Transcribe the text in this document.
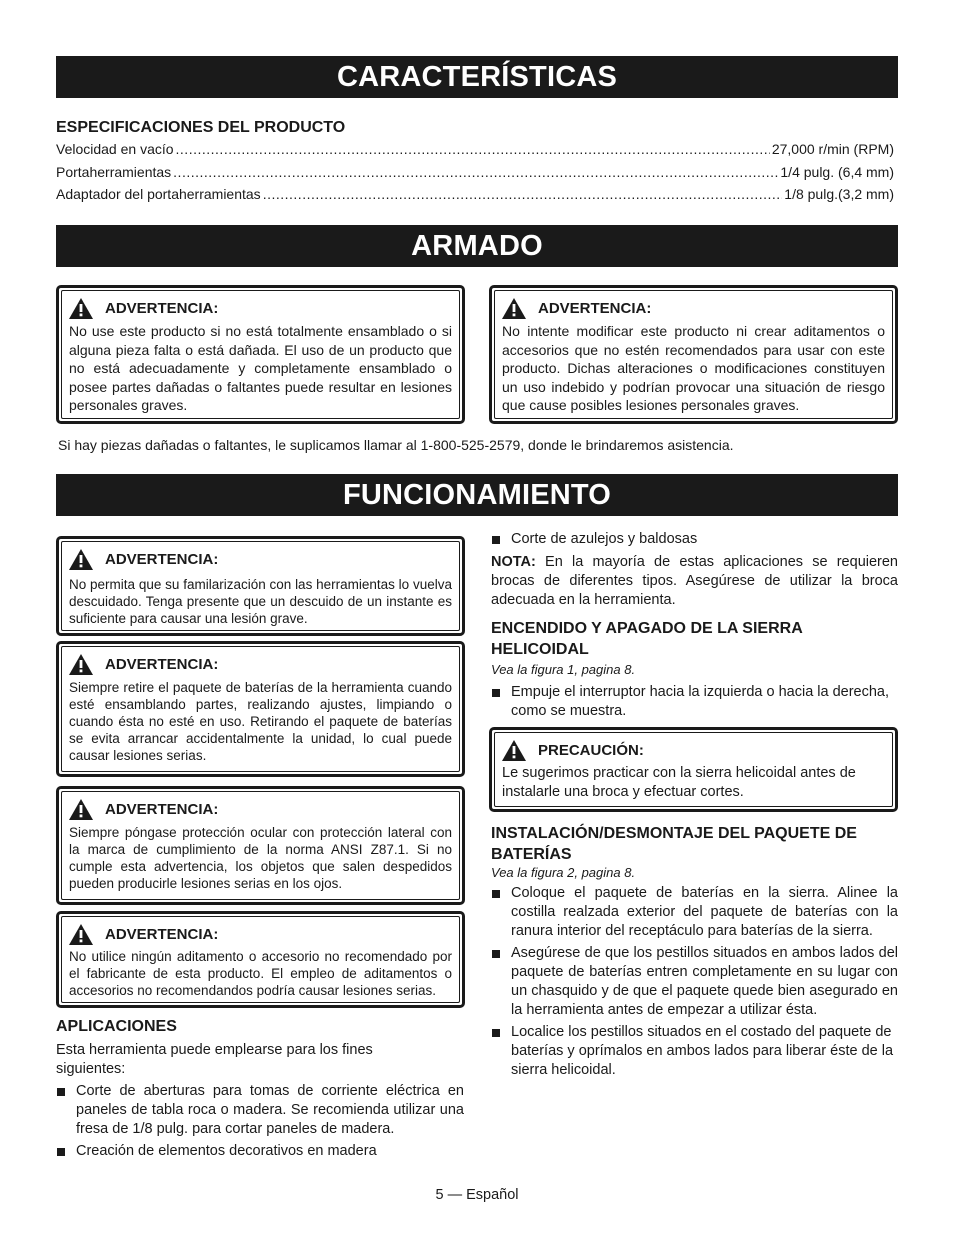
CARACTERÍSTICAS
ESPECIFICACIONES DEL PRODUCTO
Velocidad en vacío .....	27,000 r/min (RPM)
Portaherramientas .....	1/4 pulg. (6,4 mm)
Adaptador del portaherramientas .....	1/8 pulg.(3,2 mm)
ARMADO
ADVERTENCIA:
No use este producto si no está totalmente ensamblado o si alguna pieza falta o está dañada. El uso de un producto que no está adecuadamente y completamente ensamblado o posee partes dañadas o faltantes puede resultar en lesiones personales graves.
ADVERTENCIA:
No intente modificar este producto ni crear aditamentos o accesorios que no estén recomendados para usar con este producto. Dichas alteraciones o modificaciones constituyen un uso indebido y podrían provocar una situación de riesgo que cause posibles lesiones personales graves.
Si hay piezas dañadas o faltantes, le suplicamos llamar al 1-800-525-2579, donde le brindaremos asistencia.
FUNCIONAMIENTO
ADVERTENCIA:
No permita que su familarización con las herramientas lo vuelva descuidado. Tenga presente que un descuido de un instante es suficiente para causar una lesión grave.
ADVERTENCIA:
Siempre retire el paquete de baterías de la herramienta cuando esté ensamblando partes, realizando ajustes, limpiando o cuando ésta no esté en uso. Retirando el paquete de baterías se evita arrancar accidentalmente la unidad, lo cual puede causar lesiones serias.
ADVERTENCIA:
Siempre póngase protección ocular con protección lateral con la marca de cumplimiento de la norma ANSI Z87.1. Si no cumple esta advertencia, los objetos que salen despedidos pueden producirle lesiones serias en los ojos.
ADVERTENCIA:
No utilice ningún aditamento o accesorio no recomendado por el fabricante de esta producto. El empleo de aditamentos o accesorios no recomendandos podría causar lesiones serias.
APLICACIONES
Esta herramienta puede emplearse para los fines siguientes:
Corte de aberturas para tomas de corriente eléctrica en paneles de tabla roca o madera. Se recomienda utilizar una fresa de 1/8 pulg. para cortar paneles de madera.
Creación de elementos decorativos en madera
Corte de azulejos y baldosas
NOTA: En la mayoría de estas aplicaciones se requieren brocas de diferentes tipos. Asegúrese de utilizar la broca adecuada en la herramienta.
ENCENDIDO Y APAGADO DE LA SIERRA HELICOIDAL
Vea la figura 1, pagina 8.
Empuje el interruptor hacia la izquierda o hacia la derecha, como se muestra.
PRECAUCIÓN:
Le sugerimos practicar con la sierra helicoidal antes de instalarle una broca y efectuar cortes.
INSTALACIÓN/DESMONTAJE DEL PAQUETE DE BATERÍAS
Vea la figura 2, pagina 8.
Coloque el paquete de baterías en la sierra. Alinee la costilla realzada exterior del paquete de baterías con la ranura interior del receptáculo para baterías de la sierra.
Asegúrese de que los pestillos situados en ambos lados del paquete de baterías entren completamente en su lugar con un chasquido y de que el paquete quede bien asegurado en la herramienta antes de empezar a utilizar ésta.
Localice los pestillos situados en el costado del paquete de baterías y oprímalos en ambos lados para liberar éste de la sierra helicoidal.
5 — Español
